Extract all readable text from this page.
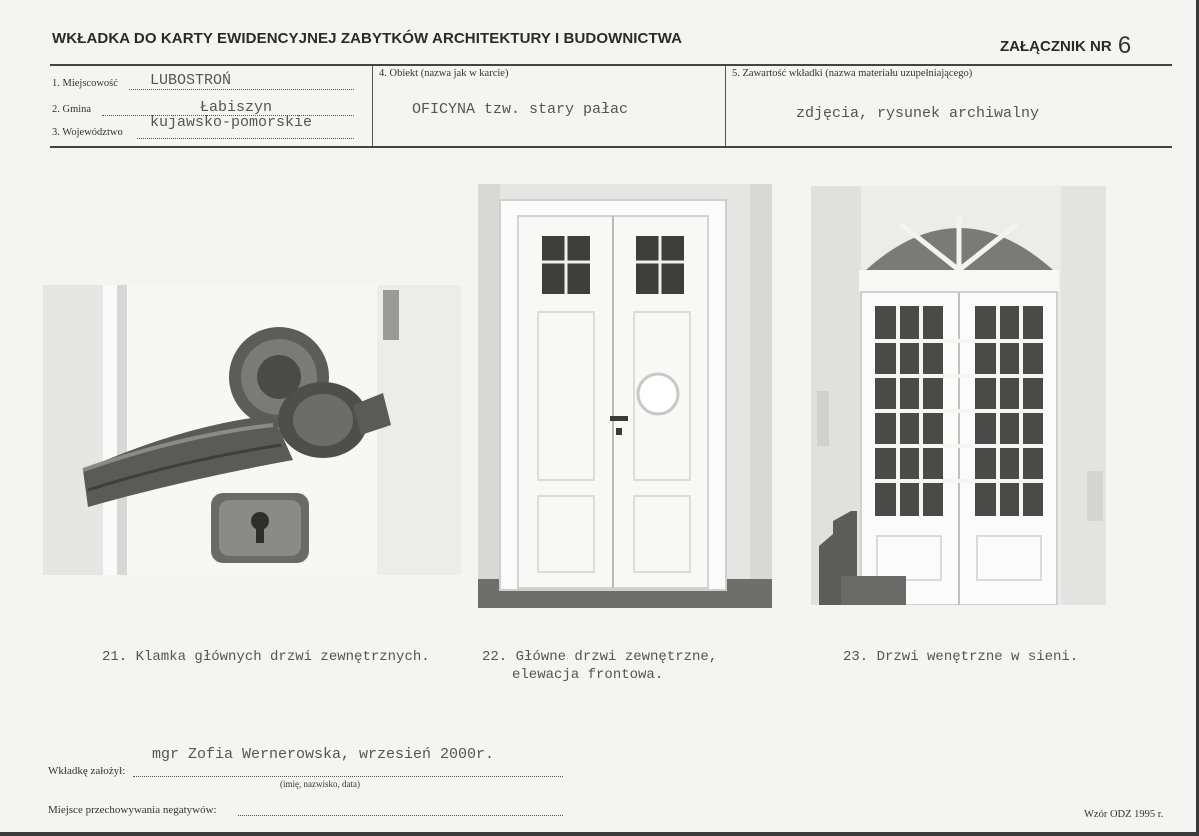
WKŁADKA DO KARTY EWIDENCYJNEJ ZABYTKÓW ARCHITEKTURY I BUDOWNICTWA	ZAŁĄCZNIK NR 6
1. Miejscowość LUBOSTROŃ
2. Gmina	Łabiszyn
3. Województwo
kujawsko-pomorskie
4. Obiekt (nazwa jak w karcie)
OFICYNA tzw. stary pałac
5. Zawartość wkładki (nazwa materiału uzupełniającego)
zdjęcia, rysunek archiwalny
21. Klamka głównych drzwi zewnętrznych.	22. Główne drzwi zewnętrzne,
elewacja frontowa.
23. Drzwi wenętrzne w sieni.
mgr Zofia Wernerowska, wrzesień 2000r.
Wkładkę założył:
(imię, nazwisko, data)
Miejsce przechowywania negatywów:	Wzór ODZ 1995 r.
